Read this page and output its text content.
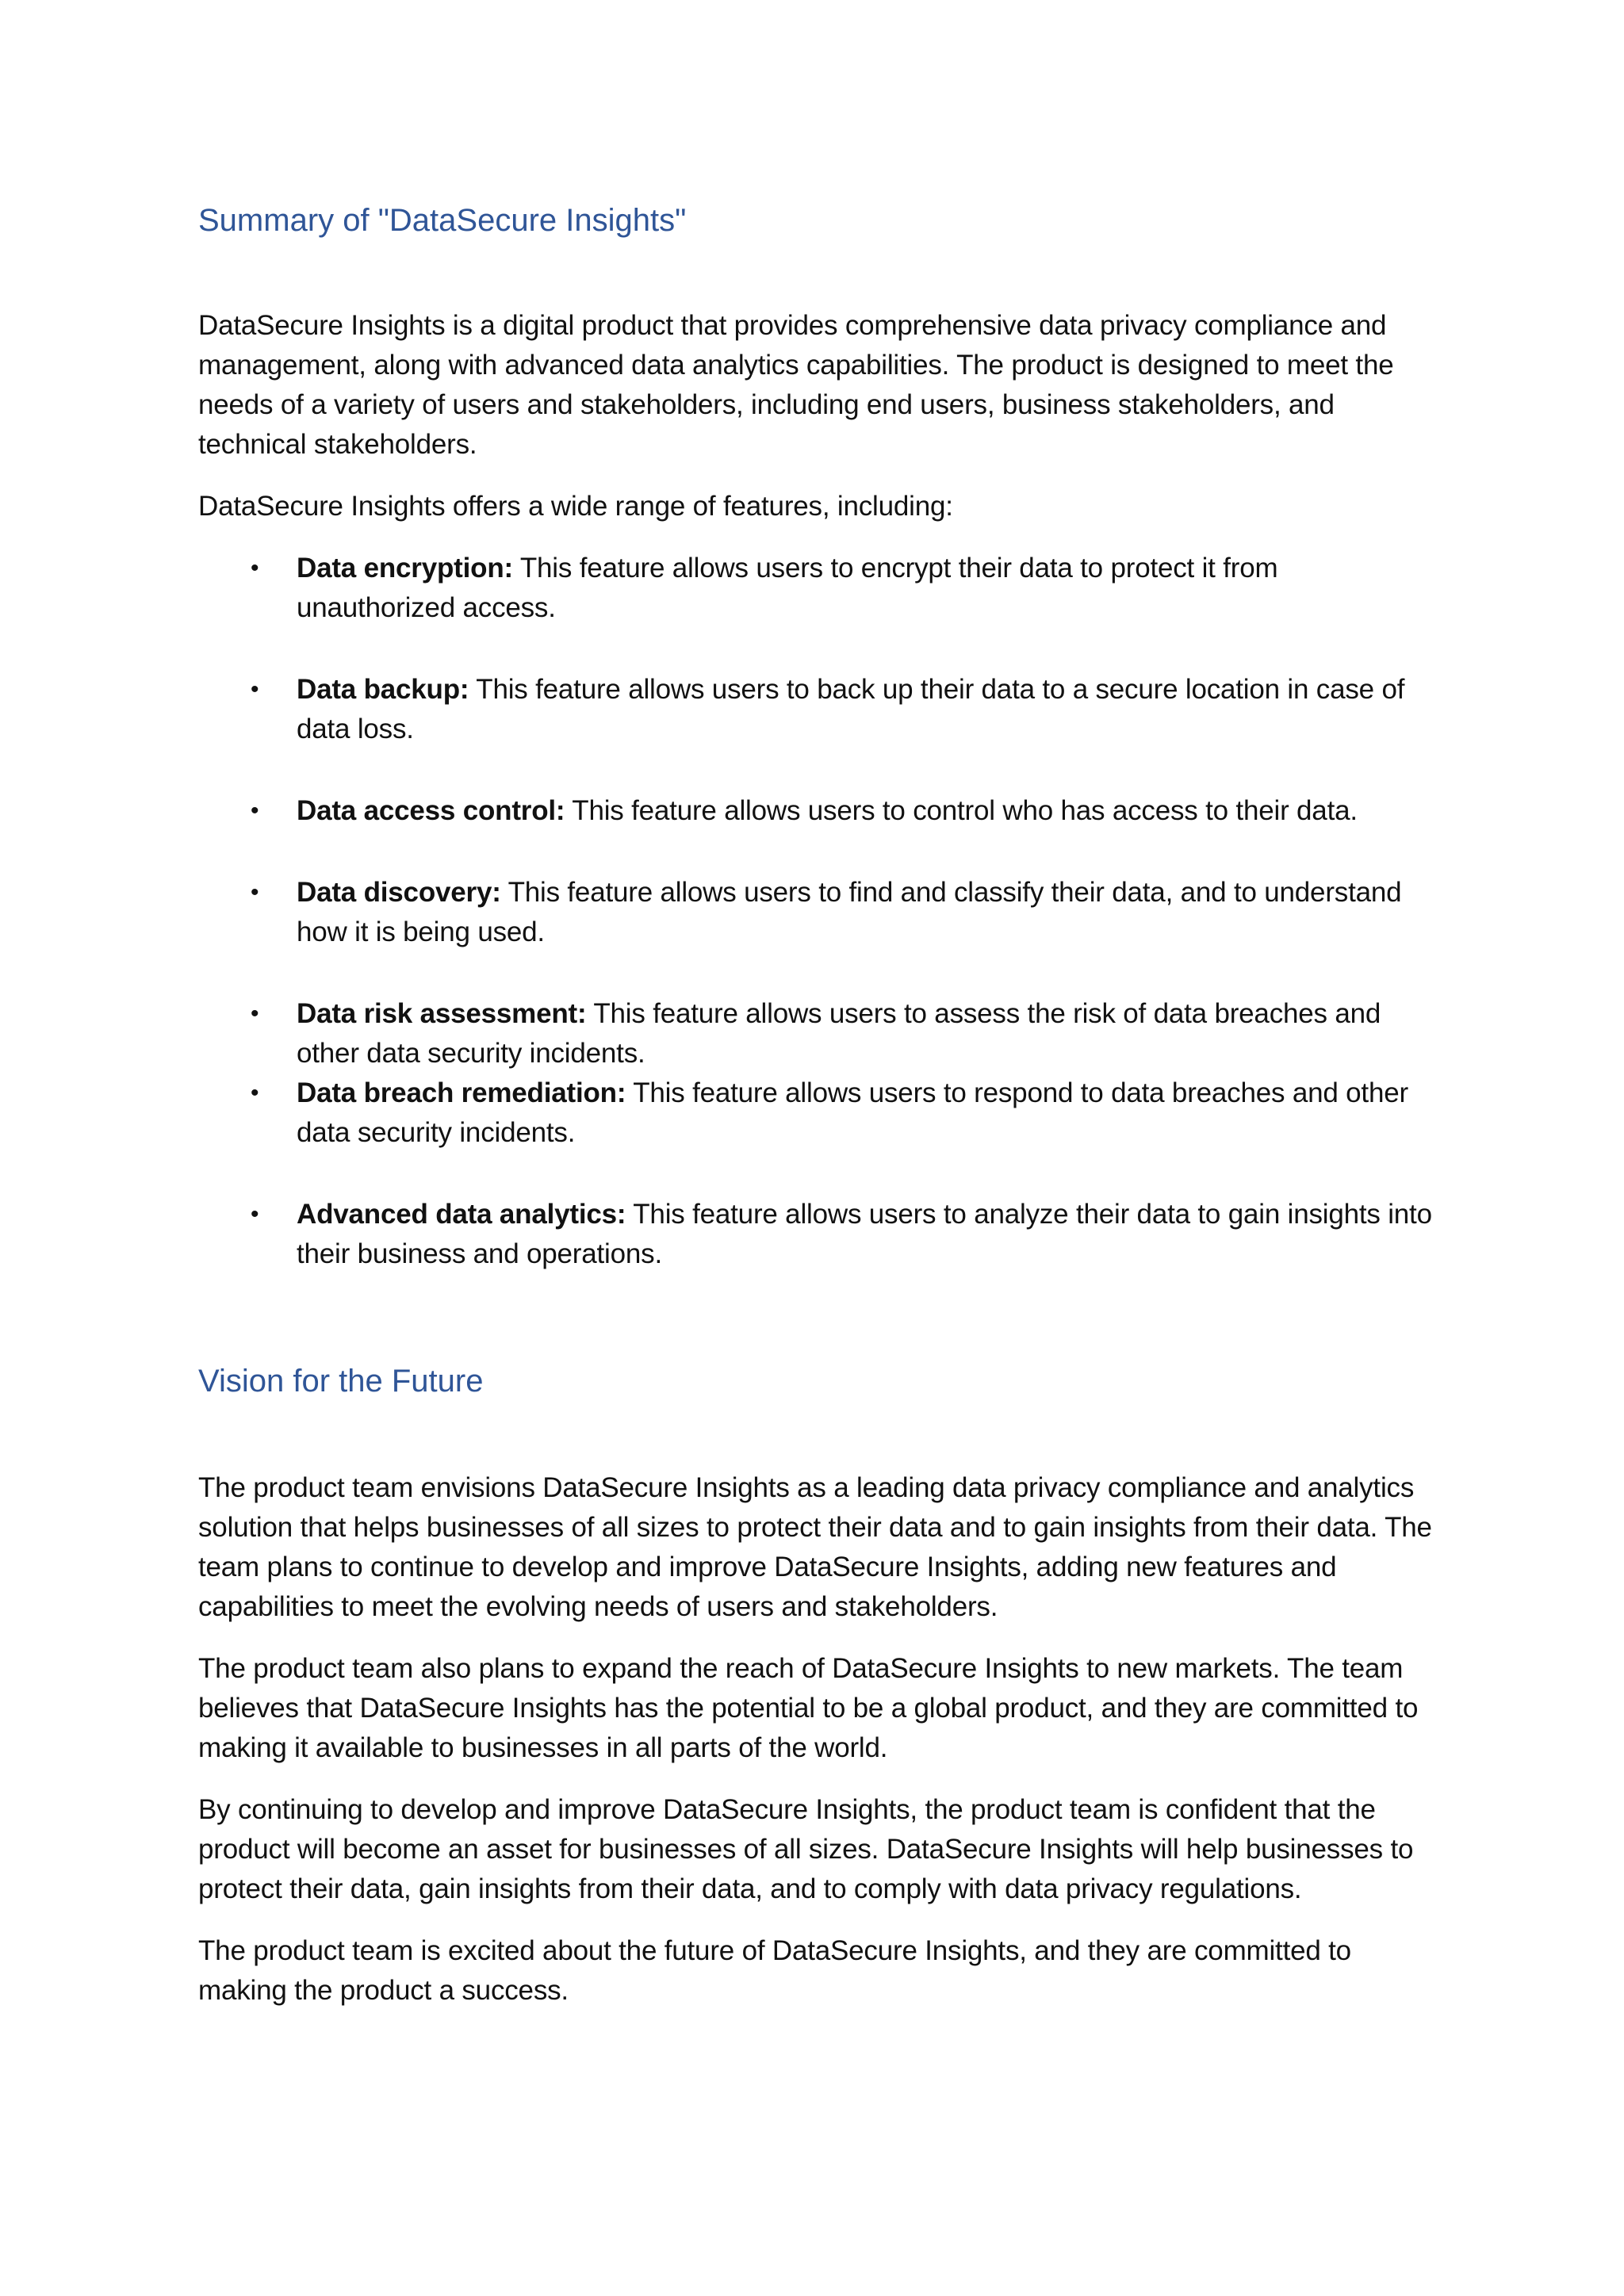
Summary of "DataSecure Insights"

DataSecure Insights is a digital product that provides comprehensive data privacy compliance and management, along with advanced data analytics capabilities. The product is designed to meet the needs of a variety of users and stakeholders, including end users, business stakeholders, and technical stakeholders.

DataSecure Insights offers a wide range of features, including:

• Data encryption: This feature allows users to encrypt their data to protect it from unauthorized access.
• Data backup: This feature allows users to back up their data to a secure location in case of data loss.
• Data access control: This feature allows users to control who has access to their data.
• Data discovery: This feature allows users to find and classify their data, and to understand how it is being used.
• Data risk assessment: This feature allows users to assess the risk of data breaches and other data security incidents.
• Data breach remediation: This feature allows users to respond to data breaches and other data security incidents.
• Advanced data analytics: This feature allows users to analyze their data to gain insights into their business and operations.
Vision for the Future

The product team envisions DataSecure Insights as a leading data privacy compliance and analytics solution that helps businesses of all sizes to protect their data and to gain insights from their data. The team plans to continue to develop and improve DataSecure Insights, adding new features and capabilities to meet the evolving needs of users and stakeholders.

The product team also plans to expand the reach of DataSecure Insights to new markets. The team believes that DataSecure Insights has the potential to be a global product, and they are committed to making it available to businesses in all parts of the world.

By continuing to develop and improve DataSecure Insights, the product team is confident that the product will become an asset for businesses of all sizes. DataSecure Insights will help businesses to protect their data, gain insights from their data, and to comply with data privacy regulations.

The product team is excited about the future of DataSecure Insights, and they are committed to making the product a success.
